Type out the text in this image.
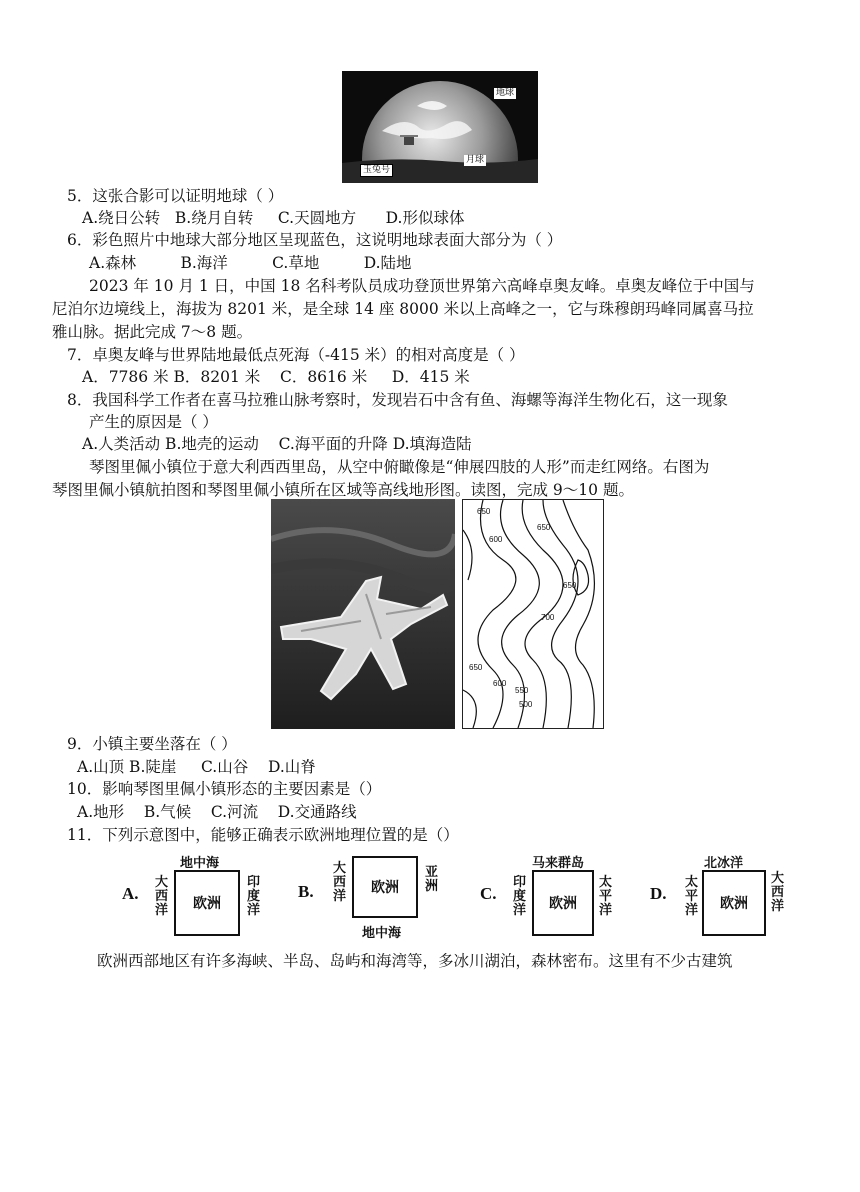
地球
玉兔号
月球
5．这张合影可以证明地球（ ）
A.绕日公转   B.绕月自转     C.天圆地方      D.形似球体
6．彩色照片中地球大部分地区呈现蓝色，这说明地球表面大部分为（ ）
A.森林         B.海洋         C.草地         D.陆地
2023 年 10 月 1 日，中国 18 名科考队员成功登顶世界第六高峰卓奥友峰。卓奥友峰位于中国与
尼泊尔边境线上，海拔为 8201 米，是全球 14 座 8000 米以上高峰之一，它与珠穆朗玛峰同属喜马拉
雅山脉。据此完成 7～8 题。
7．卓奥友峰与世界陆地最低点死海（-415 米）的相对高度是（ ）
A．7786 米 B．8201 米    C．8616 米     D．415 米
8．我国科学工作者在喜马拉雅山脉考察时，发现岩石中含有鱼、海螺等海洋生物化石，这一现象
产生的原因是（ ）
A.人类活动 B.地壳的运动    C.海平面的升降 D.填海造陆
琴图里佩小镇位于意大利西西里岛，从空中俯瞰像是“伸展四肢的人形”而走红网络。右图为
琴图里佩小镇航拍图和琴图里佩小镇所在区域等高线地形图。读图，完成 9～10 题。
650
650
600
650
700
650
600
550
500
9．小镇主要坐落在（ ）
A.山顶 B.陡崖     C.山谷    D.山脊
10．影响琴图里佩小镇形态的主要因素是（）
A.地形    B.气候    C.河流    D.交通路线
11．下列示意图中，能够正确表示欧洲地理位置的是（）
A.
地中海
大西洋	欧洲
印度洋
B.
大西洋
欧洲
亚洲
地中海
C.
马来群岛
印度洋	欧洲
太平洋
D.
北冰洋
太平洋	欧洲
大西洋
欧洲西部地区有许多海峡、半岛、岛屿和海湾等，多冰川湖泊，森林密布。这里有不少古建筑
